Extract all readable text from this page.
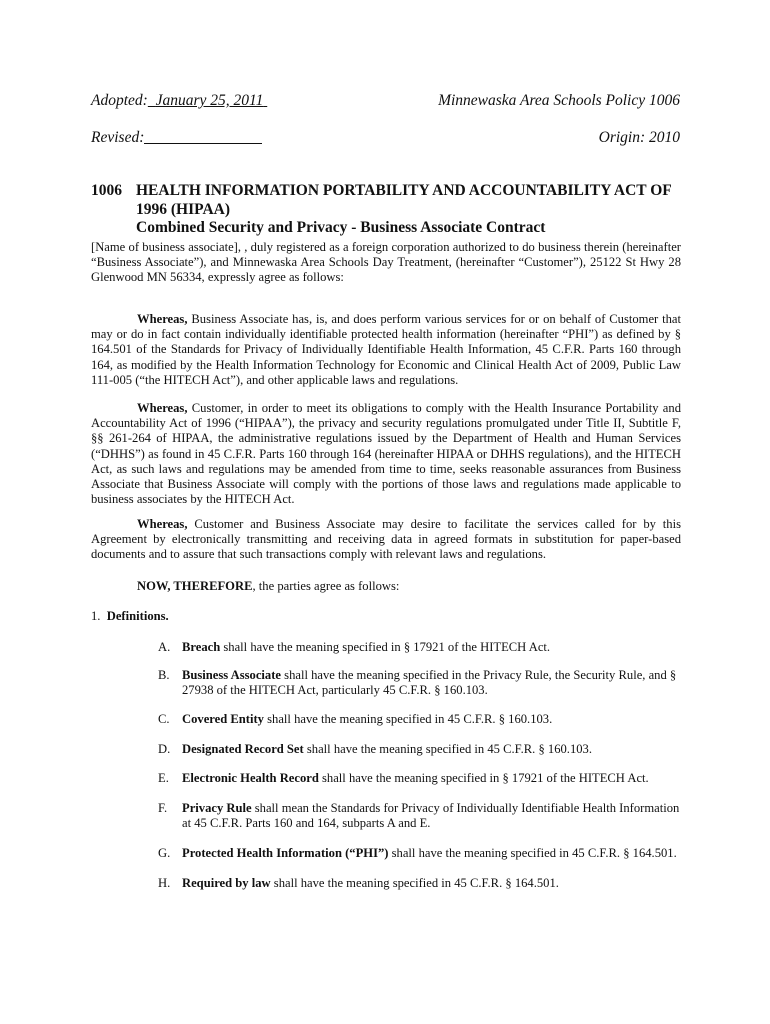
Adopted: January 25, 2011	Minnewaska Area Schools Policy 1006
Revised:	Origin: 2010
1006 HEALTH INFORMATION PORTABILITY AND ACCOUNTABILITY ACT OF
1996 (HIPAA)
Combined Security and Privacy - Business Associate Contract

[Name of business associate], , duly registered as a foreign corporation authorized to do business therein (hereinafter “Business Associate”), and Minnewaska Area Schools Day Treatment, (hereinafter “Customer”), 25122 St Hwy 28 Glenwood MN 56334, expressly agree as follows:

Whereas, Business Associate has, is, and does perform various services for or on behalf of Customer that may or do in fact contain individually identifiable protected health information (hereinafter “PHI”) as defined by § 164.501 of the Standards for Privacy of Individually Identifiable Health Information, 45 C.F.R. Parts 160 through 164, as modified by the Health Information Technology for Economic and Clinical Health Act of 2009, Public Law 111-005 (“the HITECH Act”), and other applicable laws and regulations.

Whereas, Customer, in order to meet its obligations to comply with the Health Insurance Portability and Accountability Act of 1996 (“HIPAA”), the privacy and security regulations promulgated under Title II, Subtitle F, §§ 261-264 of HIPAA, the administrative regulations issued by the Department of Health and Human Services (“DHHS”) as found in 45 C.F.R. Parts 160 through 164 (hereinafter HIPAA or DHHS regulations), and the HITECH Act, as such laws and regulations may be amended from time to time, seeks reasonable assurances from Business Associate that Business Associate will comply with the portions of those laws and regulations made applicable to business associates by the HITECH Act.

Whereas, Customer and Business Associate may desire to facilitate the services called for by this Agreement by electronically transmitting and receiving data in agreed formats in substitution for paper-based documents and to assure that such transactions comply with relevant laws and regulations.

NOW, THEREFORE, the parties agree as follows:

1. Definitions.

A. Breach shall have the meaning specified in § 17921 of the HITECH Act.
B. Business Associate shall have the meaning specified in the Privacy Rule, the Security Rule, and § 27938 of the HITECH Act, particularly 45 C.F.R. § 160.103.
C. Covered Entity shall have the meaning specified in 45 C.F.R. § 160.103.
D. Designated Record Set shall have the meaning specified in 45 C.F.R. § 160.103.
E. Electronic Health Record shall have the meaning specified in § 17921 of the HITECH Act.
F. Privacy Rule shall mean the Standards for Privacy of Individually Identifiable Health Information at 45 C.F.R. Parts 160 and 164, subparts A and E.
G. Protected Health Information (“PHI”) shall have the meaning specified in 45 C.F.R. § 164.501.
H. Required by law shall have the meaning specified in 45 C.F.R. § 164.501.
